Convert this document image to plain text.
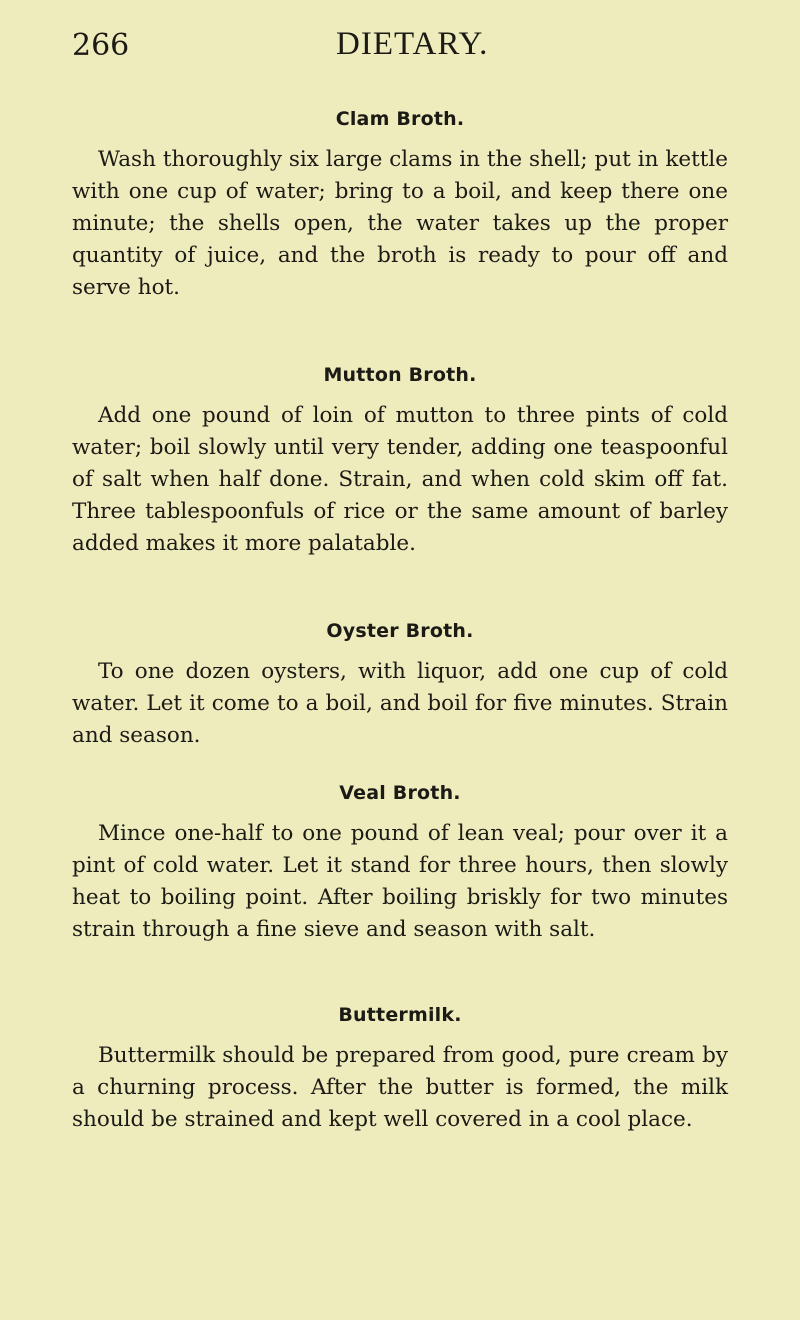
266	DIETARY.
Clam Broth.

Wash thoroughly six large clams in the shell; put in kettle with one cup of water; bring to a boil, and keep there one minute; the shells open, the water takes up the proper quantity of juice, and the broth is ready to pour off and serve hot.

Mutton Broth.

Add one pound of loin of mutton to three pints of cold water; boil slowly until very tender, adding one teaspoonful of salt when half done. Strain, and when cold skim off fat. Three tablespoonfuls of rice or the same amount of barley added makes it more palatable.

Oyster Broth.

To one dozen oysters, with liquor, add one cup of cold water. Let it come to a boil, and boil for five minutes. Strain and season.

Veal Broth.

Mince one-half to one pound of lean veal; pour over it a pint of cold water. Let it stand for three hours, then slowly heat to boiling point. After boiling briskly for two minutes strain through a fine sieve and season with salt.

Buttermilk.

Buttermilk should be prepared from good, pure cream by a churning process. After the butter is formed, the milk should be strained and kept well covered in a cool place.
